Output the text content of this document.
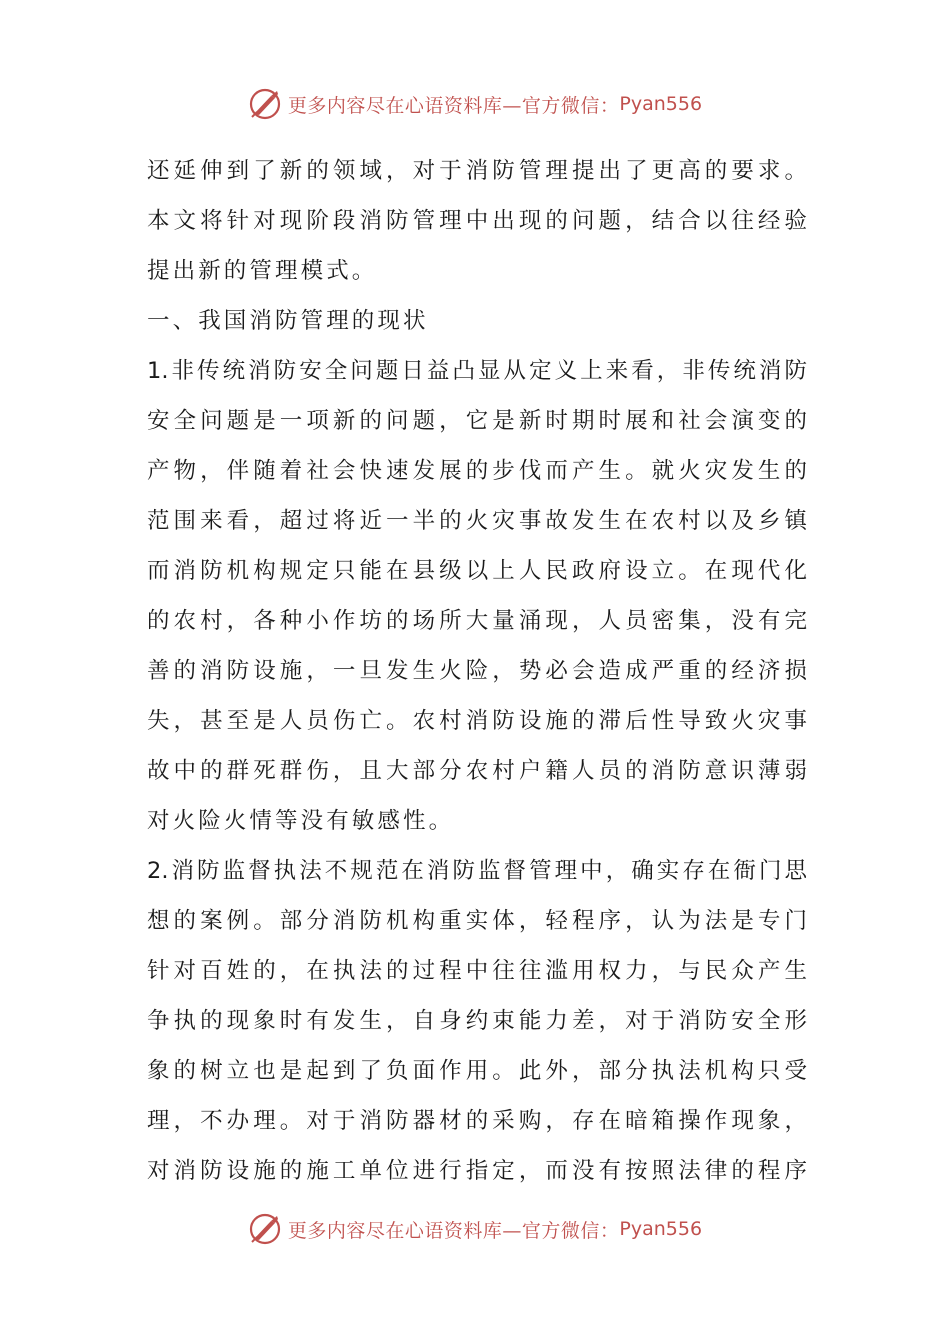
更多内容尽在心语资料库—官方微信： Pyan556
还延伸到了新的领域，对于消防管理提出了更高的要求。
本文将针对现阶段消防管理中出现的问题，结合以往经验
提出新的管理模式。
一、我国消防管理的现状
1.非传统消防安全问题日益凸显从定义上来看，非传统消防
安全问题是一项新的问题，它是新时期时展和社会演变的
产物，伴随着社会快速发展的步伐而产生。就火灾发生的
范围来看，超过将近一半的火灾事故发生在农村以及乡镇
而消防机构规定只能在县级以上人民政府设立。在现代化
的农村，各种小作坊的场所大量涌现，人员密集，没有完
善的消防设施，一旦发生火险，势必会造成严重的经济损
失，甚至是人员伤亡。农村消防设施的滞后性导致火灾事
故中的群死群伤，且大部分农村户籍人员的消防意识薄弱
对火险火情等没有敏感性。
2.消防监督执法不规范在消防监督管理中，确实存在衙门思
想的案例。部分消防机构重实体，轻程序，认为法是专门
针对百姓的，在执法的过程中往往滥用权力，与民众产生
争执的现象时有发生，自身约束能力差，对于消防安全形
象的树立也是起到了负面作用。此外，部分执法机构只受
理，不办理。对于消防器材的采购，存在暗箱操作现象，
对消防设施的施工单位进行指定，而没有按照法律的程序
更多内容尽在心语资料库—官方微信： Pyan556
